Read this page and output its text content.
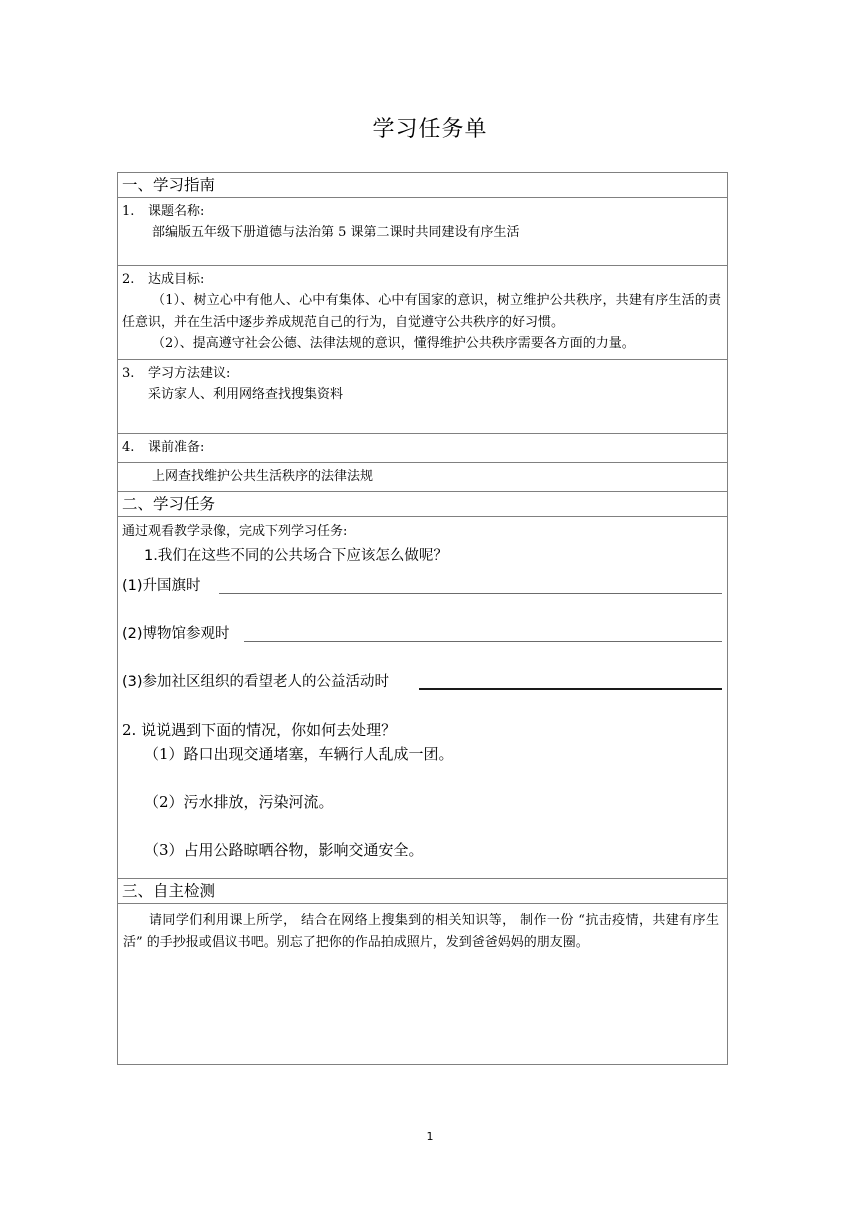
学习任务单
一、学习指南

1. 课题名称:
部编版五年级下册道德与法治第 5 课第二课时共同建设有序生活

2. 达成目标:

（1）、树立心中有他人、心中有集体、心中有国家的意识，树立维护公共秩序，共建有序生活的责任意识，并在生活中逐步养成规范自己的行为，自觉遵守公共秩序的好习惯。

（2）、提高遵守社会公德、法律法规的意识，懂得维护公共秩序需要各方面的力量。

3. 学习方法建议:
采访家人、利用网络查找搜集资料

4. 课前准备:

上网查找维护公共生活秩序的法律法规

二、学习任务

通过观看教学录像，完成下列学习任务:

1.我们在这些不同的公共场合下应该怎么做呢？

(1)升国旗时
(2)博物馆参观时
(3)参加社区组织的看望老人的公益活动时

2. 说说遇到下面的情况，你如何去处理？

（1）路口出现交通堵塞，车辆行人乱成一团。

（2）污水排放，污染河流。

（3）占用公路晾晒谷物，影响交通安全。

三、自主检测

请同学们利用课上所学， 结合在网络上搜集到的相关知识等， 制作一份 “抗击疫情，共建有序生活” 的手抄报或倡议书吧。别忘了把你的作品拍成照片，发到爸爸妈妈的朋友圈。

1
